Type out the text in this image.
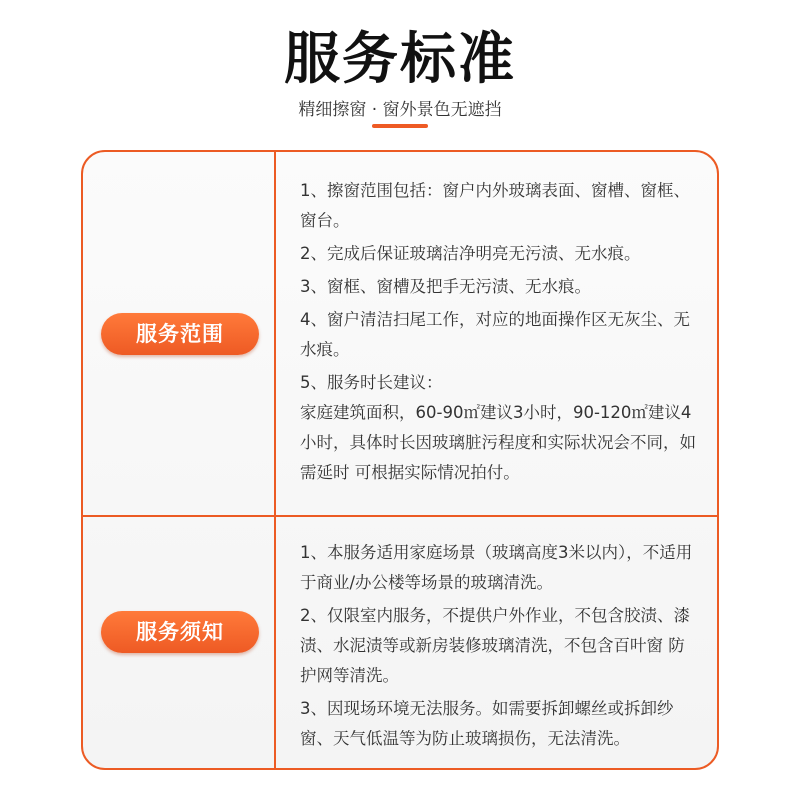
服务标准
精细擦窗 · 窗外景色无遮挡
服务范围
1、擦窗范围包括：窗户内外玻璃表面、窗槽、窗框、窗台。
2、完成后保证玻璃洁净明亮无污渍、无水痕。
3、窗框、窗槽及把手无污渍、无水痕。
4、窗户清洁扫尾工作，对应的地面操作区无灰尘、无水痕。
5、服务时长建议：
家庭建筑面积，60-90㎡建议3小时，90-120㎡建议4小时，具体时长因玻璃脏污程度和实际状况会不同，如需延时 可根据实际情况拍付。
服务须知
1、本服务适用家庭场景（玻璃高度3米以内），不适用于商业/办公楼等场景的玻璃清洗。
2、仅限室内服务，不提供户外作业，不包含胶渍、漆渍、水泥渍等或新房装修玻璃清洗，不包含百叶窗 防护网等清洗。
3、因现场环境无法服务。如需要拆卸螺丝或拆卸纱窗、天气低温等为防止玻璃损伤，无法清洗。
